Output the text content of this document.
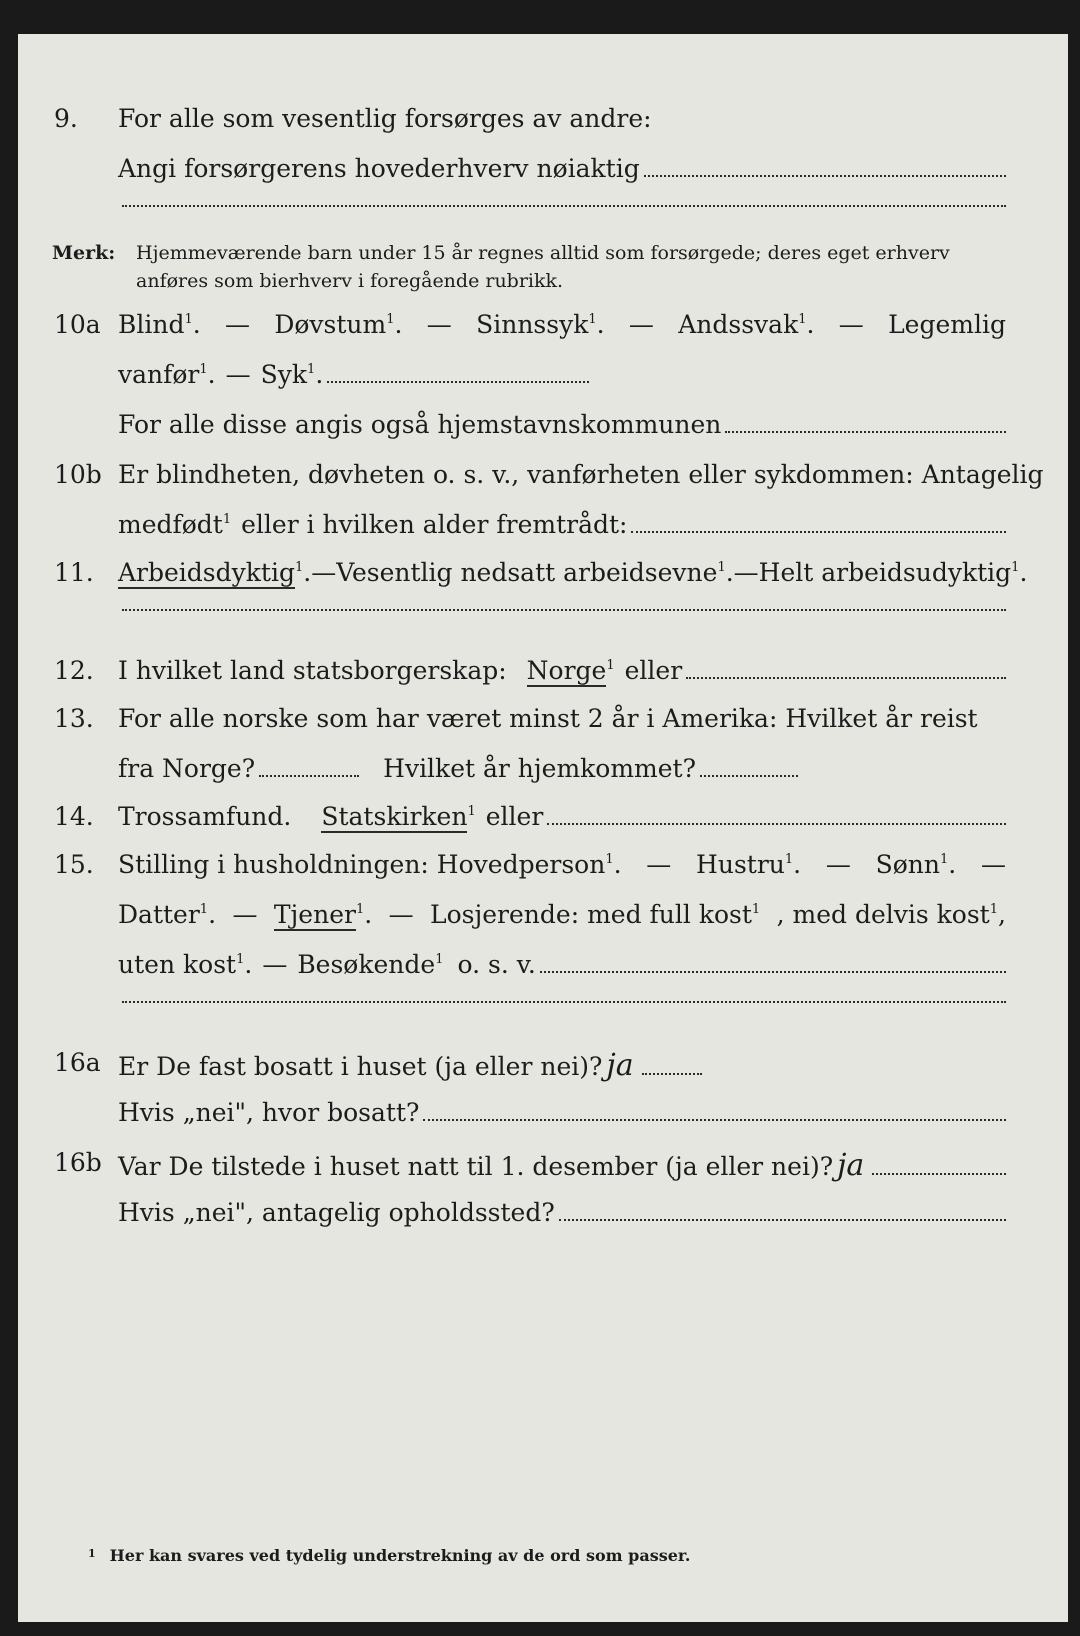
9. For alle som vesentlig forsørges av andre:
Angi forsørgerens hovederhverv nøiaktig
Merk: Hjemmeværende barn under 15 år regnes alltid som forsørgede; deres eget erhverv
anføres som bierhverv i foregående rubrikk.
10a Blind$^1$. — Døvstum$^1$. — Sinnssyk$^1$. — Andssvak$^1$. — Legemlig
vanfør$^1$. — Syk$^1$.
For alle disse angis også hjemstavnskommunen
10b Er blindheten, døvheten o. s. v., vanførheten eller sykdommen: Antagelig
medfødt$^1$ eller i hvilken alder fremtrådt:
11. Arbeidsdyktig$^1$. — Vesentlig nedsatt arbeidsevne$^1$. — Helt arbeidsudyktig$^1$.
12. I hvilket land statsborgerskap: Norge$^1$ eller
13. For alle norske som har været minst 2 år i Amerika: Hvilket år reist
fra Norge?	Hvilket år hjemkommet?
14. Trossamfund. Statskirken$^1$ eller
15. Stilling i husholdningen: Hovedperson$^1$. — Hustru$^1$. — Sønn$^1$. —
Datter$^1$. — Tjener$^1$. — Losjerende: med full kost$^1$ , med delvis kost$^1$,
uten kost$^1$. — Besøkende$^1$ o. s. v.
16a Er De fast bosatt i huset (ja eller nei)? ja
Hvis „nei", hvor bosatt?
16b Var De tilstede i huset natt til 1. desember (ja eller nei)? ja
Hvis „nei", antagelig opholdssted?
$^1$ Her kan svares ved tydelig understrekning av de ord som passer.
